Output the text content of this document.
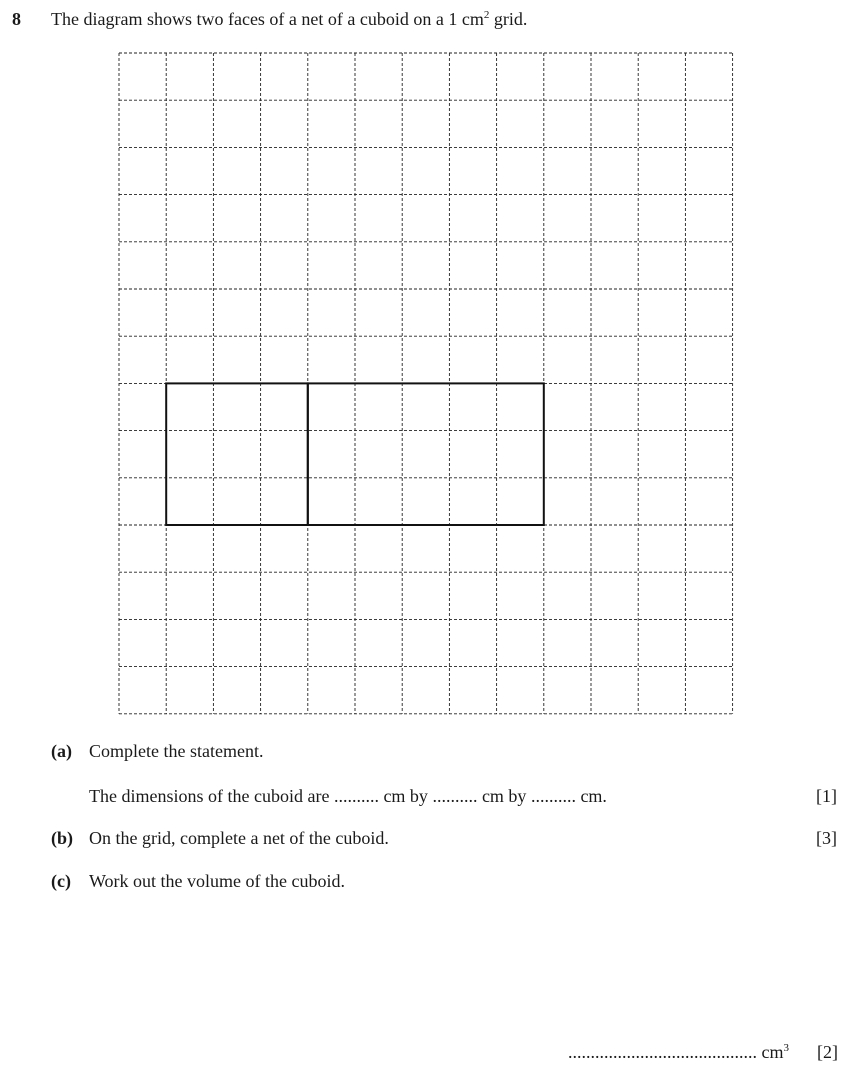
8 The diagram shows two faces of a net of a cuboid on a 1 $cm^2$ grid.
(a) Complete the statement.
The dimensions of the cuboid are .......... cm by .......... cm by .......... cm.	[1]
(b) On the grid, complete a net of the cuboid.	[3]
(c) Work out the volume of the cuboid.
.......................................... $cm^3$ [2]
